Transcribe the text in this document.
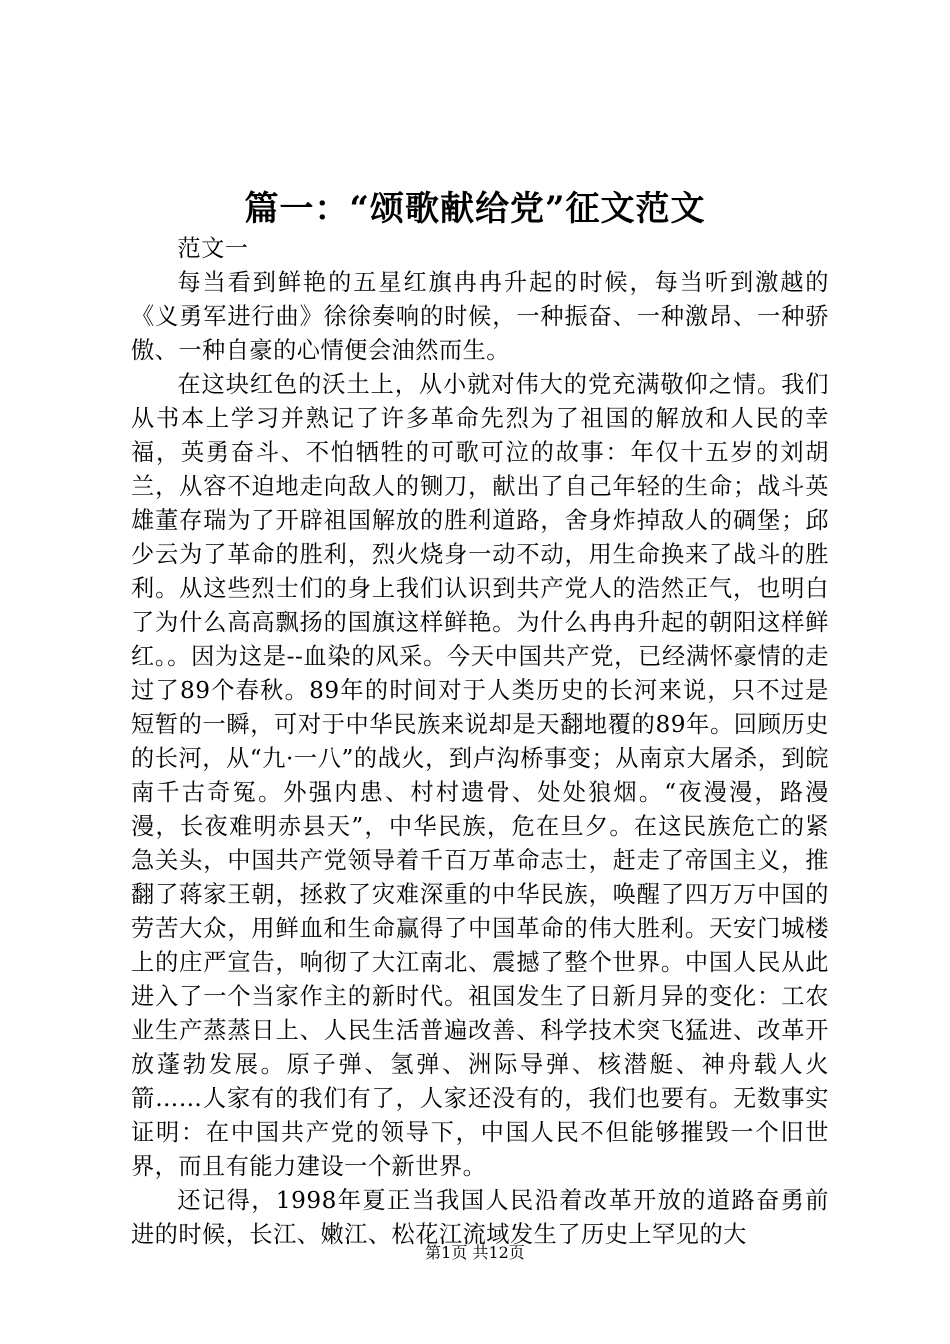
篇一：“颂歌献给党”征文范文

范文一

每当看到鲜艳的五星红旗冉冉升起的时候，每当听到激越的《义勇军进行曲》徐徐奏响的时候，一种振奋、一种激昂、一种骄傲、一种自豪的心情便会油然而生。

在这块红色的沃土上，从小就对伟大的党充满敬仰之情。我们从书本上学习并熟记了许多革命先烈为了祖国的解放和人民的幸福，英勇奋斗、不怕牺牲的可歌可泣的故事：年仅十五岁的刘胡兰，从容不迫地走向敌人的铡刀，献出了自己年轻的生命；战斗英雄董存瑞为了开辟祖国解放的胜利道路，舍身炸掉敌人的碉堡；邱少云为了革命的胜利，烈火烧身一动不动，用生命换来了战斗的胜利。从这些烈士们的身上我们认识到共产党人的浩然正气，也明白了为什么高高飘扬的国旗这样鲜艳。为什么冉冉升起的朝阳这样鲜红。。因为这是--血染的风采。今天中国共产党，已经满怀豪情的走过了89个春秋。89年的时间对于人类历史的长河来说，只不过是短暂的一瞬，可对于中华民族来说却是天翻地覆的89年。回顾历史的长河，从“九·一八”的战火，到卢沟桥事变；从南京大屠杀，到皖南千古奇冤。外强内患、村村遗骨、处处狼烟。“夜漫漫，路漫漫，长夜难明赤县天”，中华民族，危在旦夕。在这民族危亡的紧急关头，中国共产党领导着千百万革命志士，赶走了帝国主义，推翻了蒋家王朝，拯救了灾难深重的中华民族，唤醒了四万万中国的劳苦大众，用鲜血和生命赢得了中国革命的伟大胜利。天安门城楼上的庄严宣告，响彻了大江南北、震撼了整个世界。中国人民从此进入了一个当家作主的新时代。祖国发生了日新月异的变化：工农业生产蒸蒸日上、人民生活普遍改善、科学技术突飞猛进、改革开放蓬勃发展。原子弹、氢弹、洲际导弹、核潜艇、神舟载人火箭……人家有的我们有了，人家还没有的，我们也要有。无数事实证明：在中国共产党的领导下，中国人民不但能够摧毁一个旧世界，而且有能力建设一个新世界。

还记得，1998年夏正当我国人民沿着改革开放的道路奋勇前进的时候，长江、嫩江、松花江流域发生了历史上罕见的大

第1页 共12页
